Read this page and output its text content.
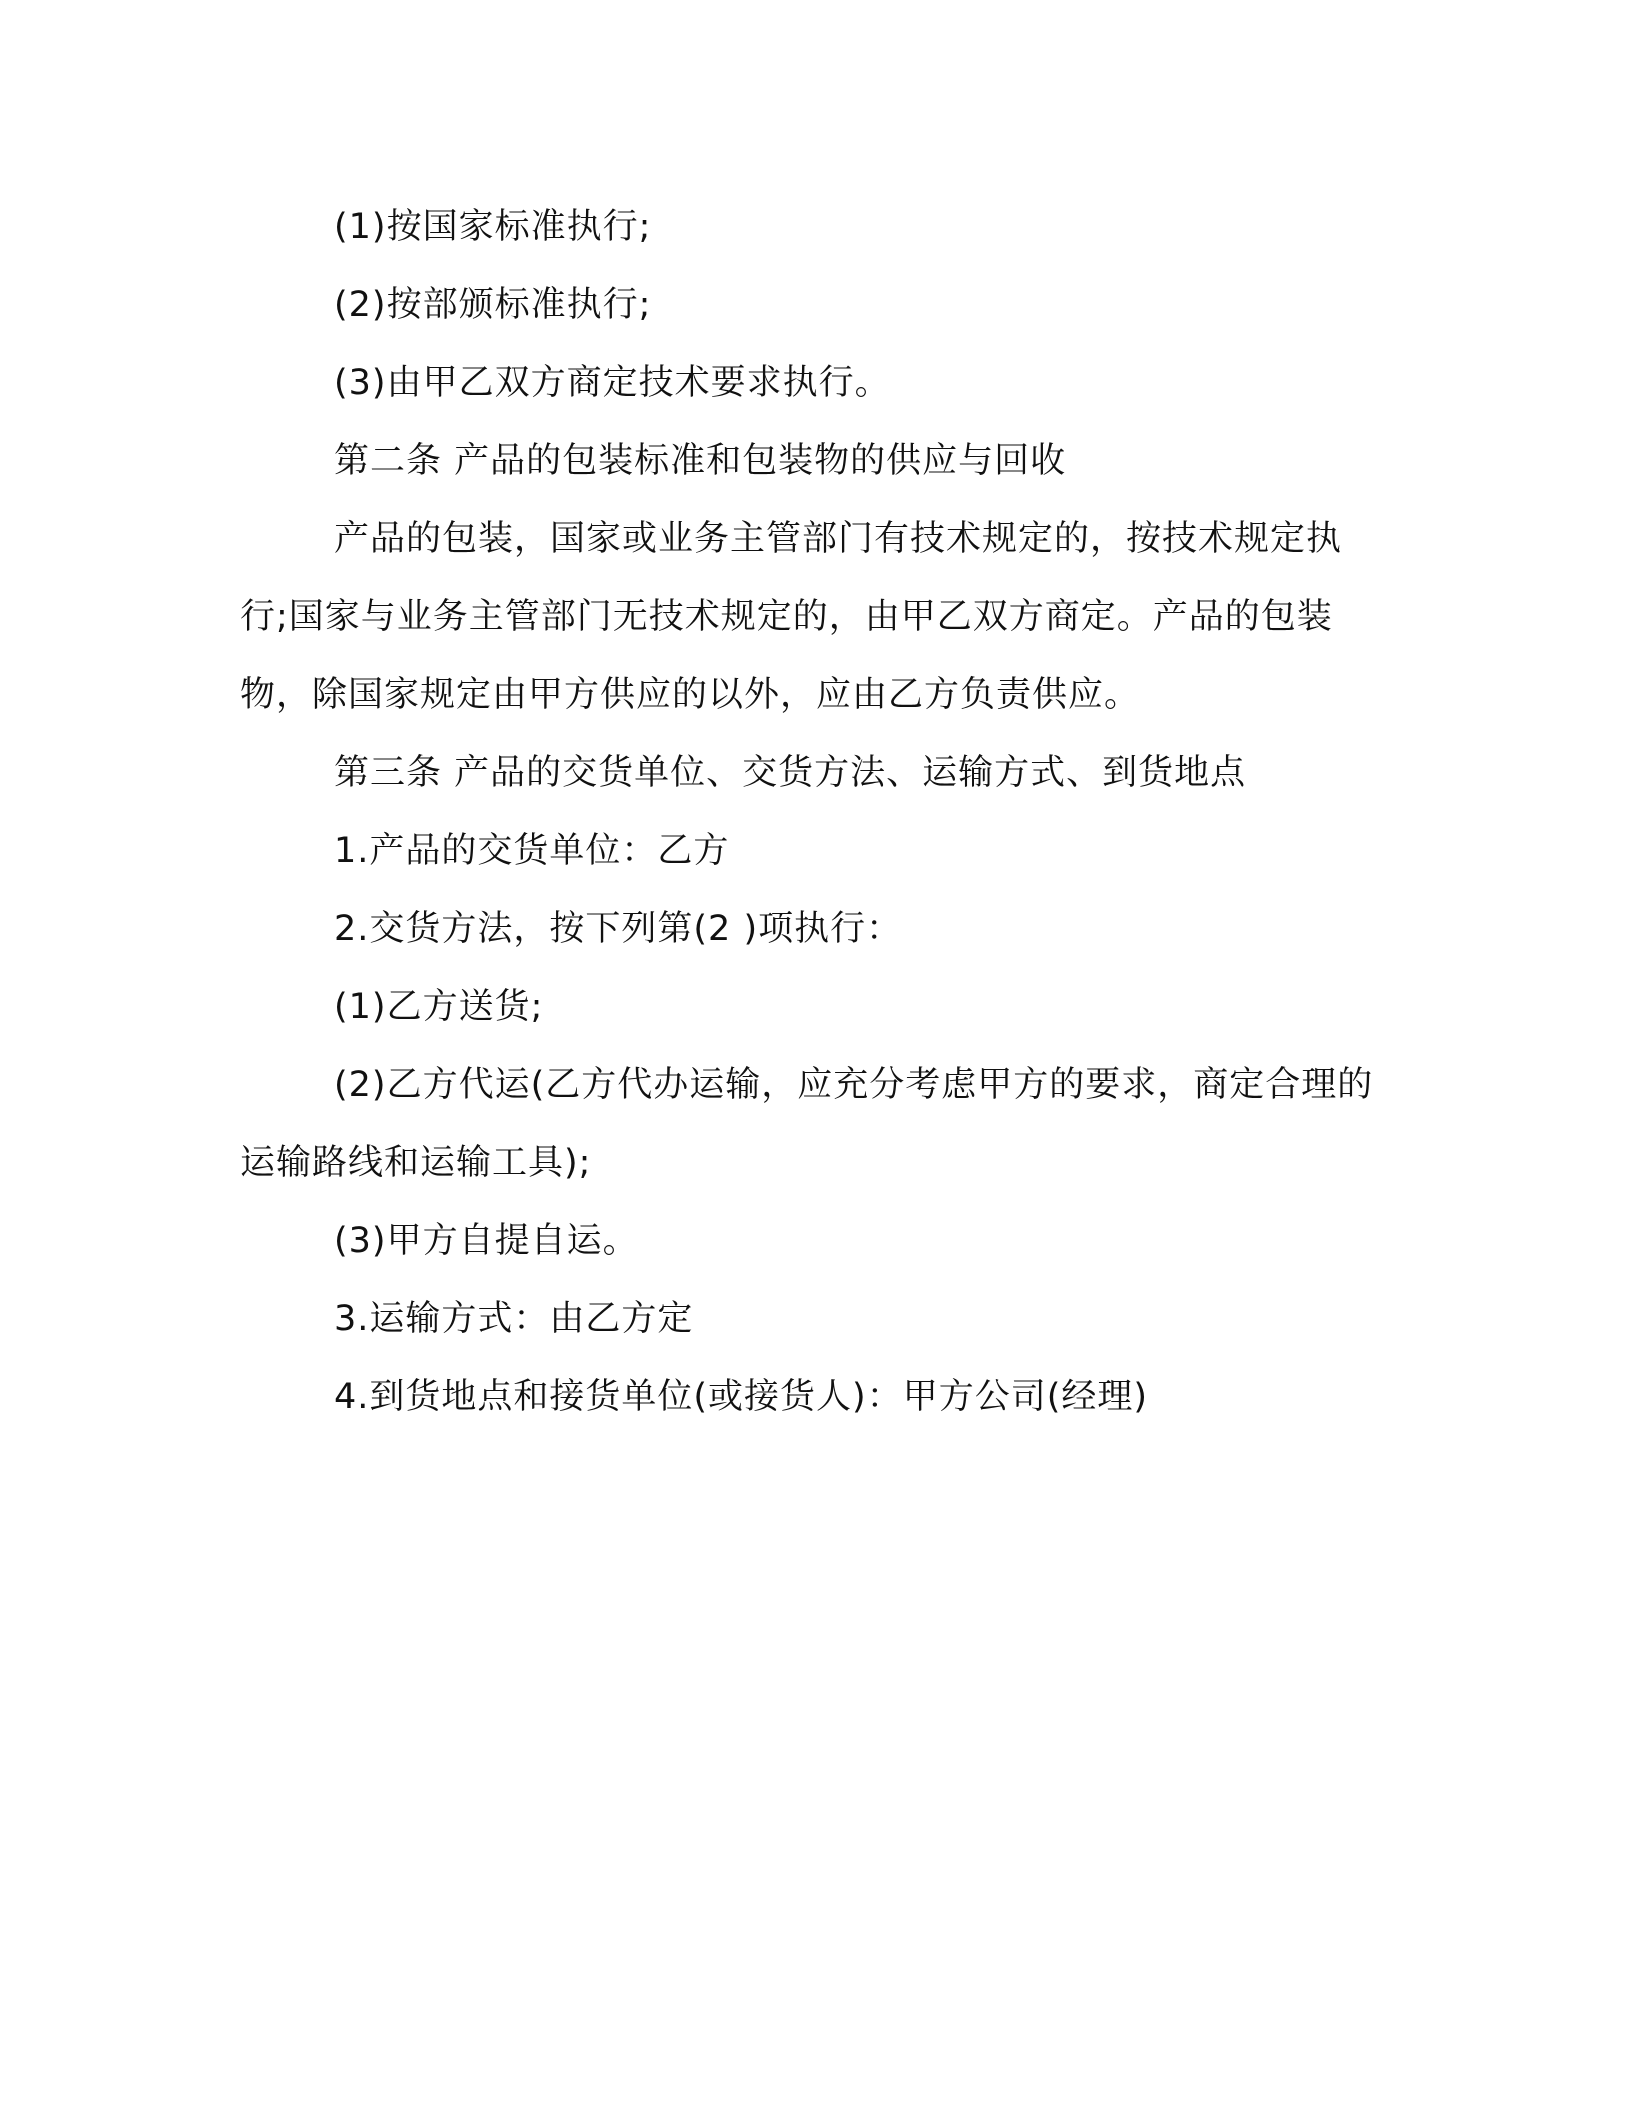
(1)按国家标准执行;

(2)按部颁标准执行;

(3)由甲乙双方商定技术要求执行。

第二条 产品的包装标准和包装物的供应与回收

产品的包装，国家或业务主管部门有技术规定的，按技术规定执行;国家与业务主管部门无技术规定的，由甲乙双方商定。产品的包装物，除国家规定由甲方供应的以外，应由乙方负责供应。

第三条 产品的交货单位、交货方法、运输方式、到货地点

1.产品的交货单位：乙方

2.交货方法，按下列第(2 )项执行：

(1)乙方送货;

(2)乙方代运(乙方代办运输，应充分考虑甲方的要求，商定合理的运输路线和运输工具);

(3)甲方自提自运。

3.运输方式：由乙方定

4.到货地点和接货单位(或接货人)：甲方公司(经理)
